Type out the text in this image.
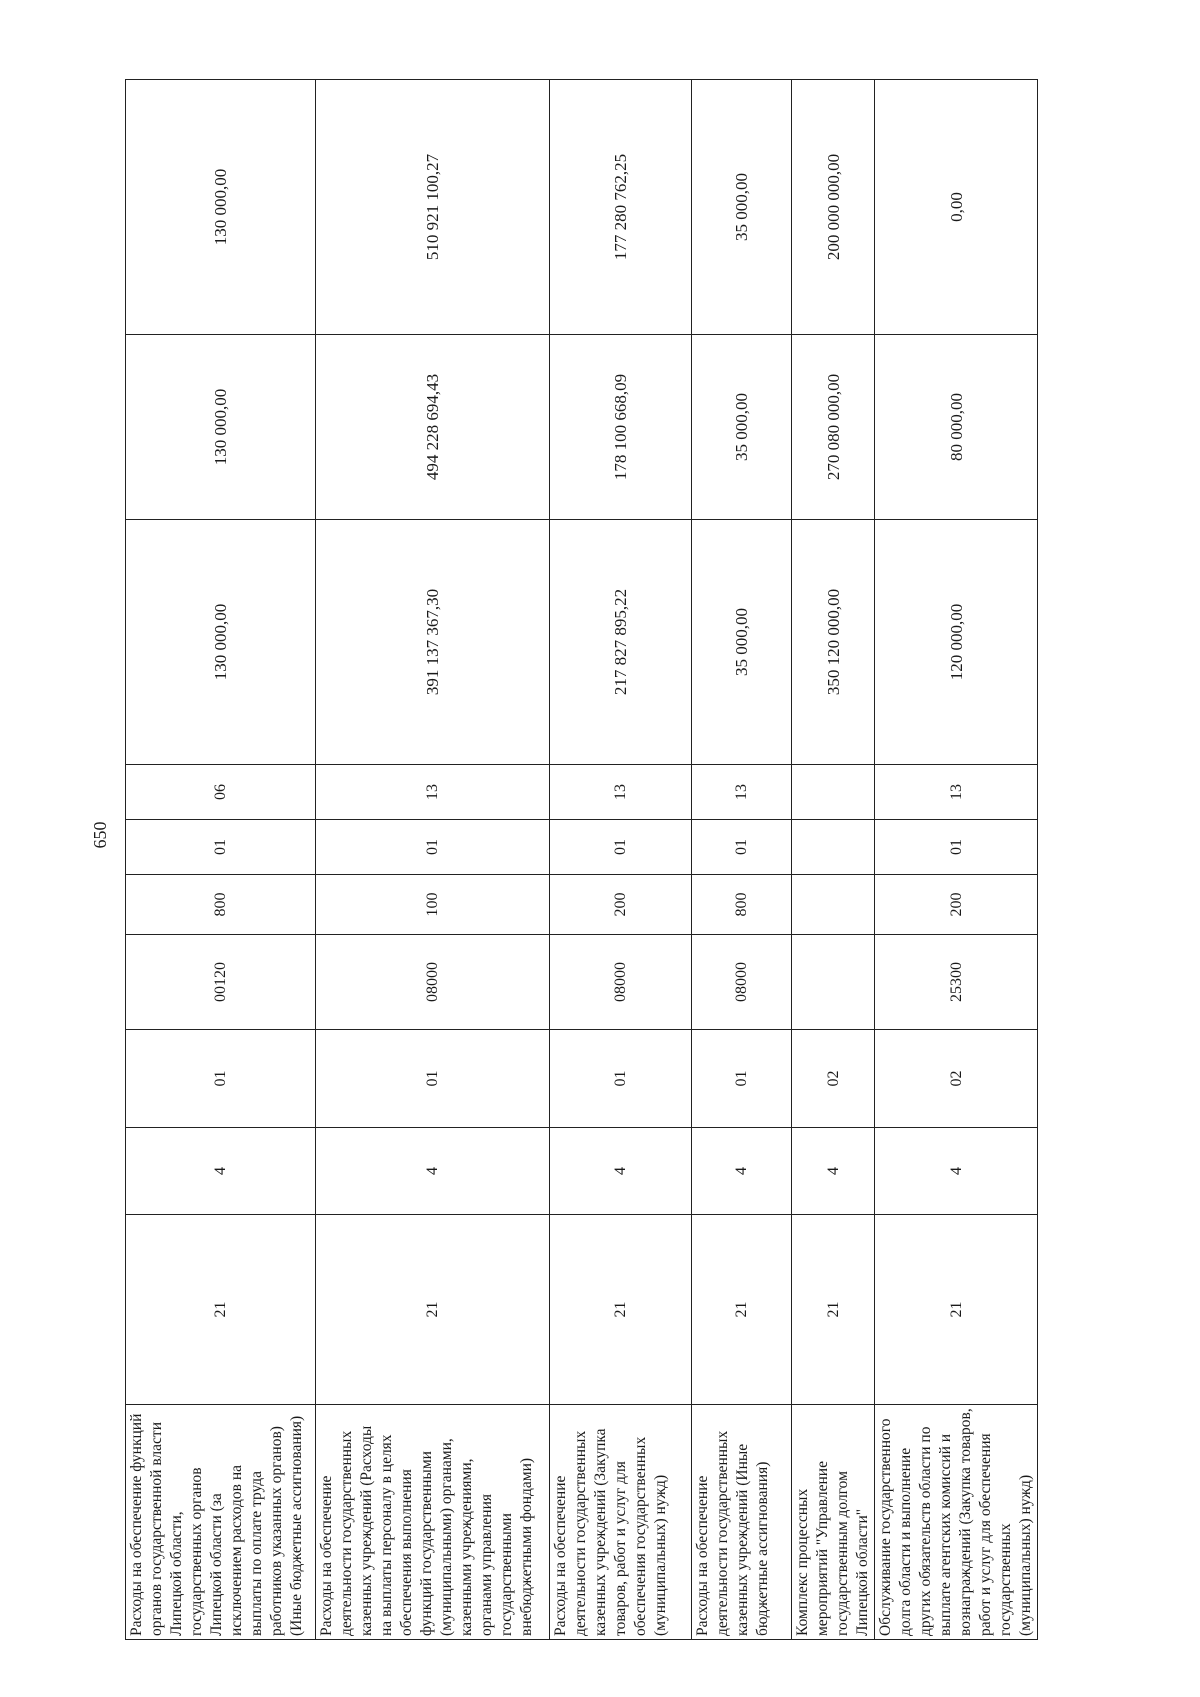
650
Расходы на обеспечение функций органов государственной власти Липецкой области, государственных органов Липецкой области (за исключением расходов на выплаты по оплате труда работников указанных органов) (Иные бюджетные ассигнования)	21	4	01	00120	800	01	06	130 000,00	130 000,00	130 000,00
Расходы на обеспечение деятельности государственных казенных учреждений (Расходы на выплаты персоналу в целях обеспечения выполнения функций государственными (муниципальными) органами, казенными учреждениями, органами управления государственными внебюджетными фондами)	21	4	01	08000	100	01	13	391 137 367,30	494 228 694,43	510 921 100,27
Расходы на обеспечение деятельности государственных казенных учреждений (Закупка товаров, работ и услуг для обеспечения государственных (муниципальных) нужд)	21	4	01	08000	200	01	13	217 827 895,22	178 100 668,09	177 280 762,25
Расходы на обеспечение деятельности государственных казенных учреждений (Иные бюджетные ассигнования)	21	4	01	08000	800	01	13	35 000,00	35 000,00	35 000,00
Комплекс процессных мероприятий "Управление государственным долгом Липецкой области"	21	4	02					350 120 000,00	270 080 000,00	200 000 000,00
Обслуживание государственного долга области и выполнение других обязательств области по выплате агентских комиссий и вознаграждений (Закупка товаров, работ и услуг для обеспечения государственных (муниципальных) нужд)	21	4	02	25300	200	01	13	120 000,00	80 000,00	0,00
